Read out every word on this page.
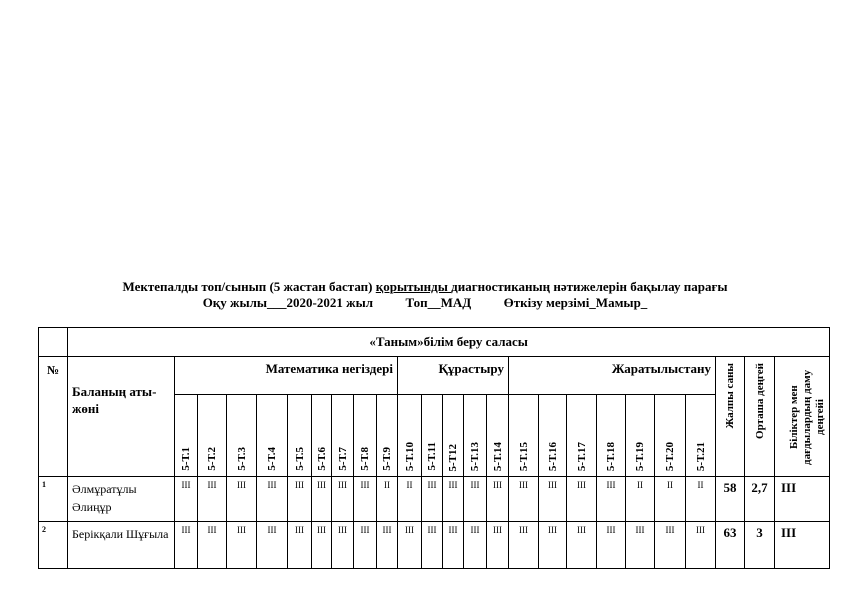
Мектепалды топ/сынып (5 жастан бастап) қорытынды диагностиканың нәтижелерін бақылау парағы
Оқу жылы___2020-2021 жыл          Топ__МАД          Өткізу мерзімі_Мамыр_
	«Таным»білім беру саласы																								
№	Баланың аты-жөні	Математика негіздері									Құрастыру					Жаратылыстану							Жалпы саны	Орташа деңгей	Біліктер мен дағдылардың даму деңгейі
		5-Т.1	5-Т.2	5-Т.3	5-Т.4	5-Т.5	5-Т.6	5-Т.7	5-Т.8	5-Т.9	5-Т.10	5-Т.11	5-Т12	5-Т.13	5-Т.14	5-Т.15	5-Т.16	5-Т.17	5-Т.18	5-Т.19	5-Т.20	5-Т.21			
1	Әлмұратұлы Әлиңұр	III	III	III	III	III	III	III	III	II	II	III	III	III	III	III	III	III	III	II	II	II	58	2,7	III
2	Берікқали Шұғыла	III	III	III	III	III	III	III	III	III	III	III	III	III	III	III	III	III	III	III	III	III	63	3	III
